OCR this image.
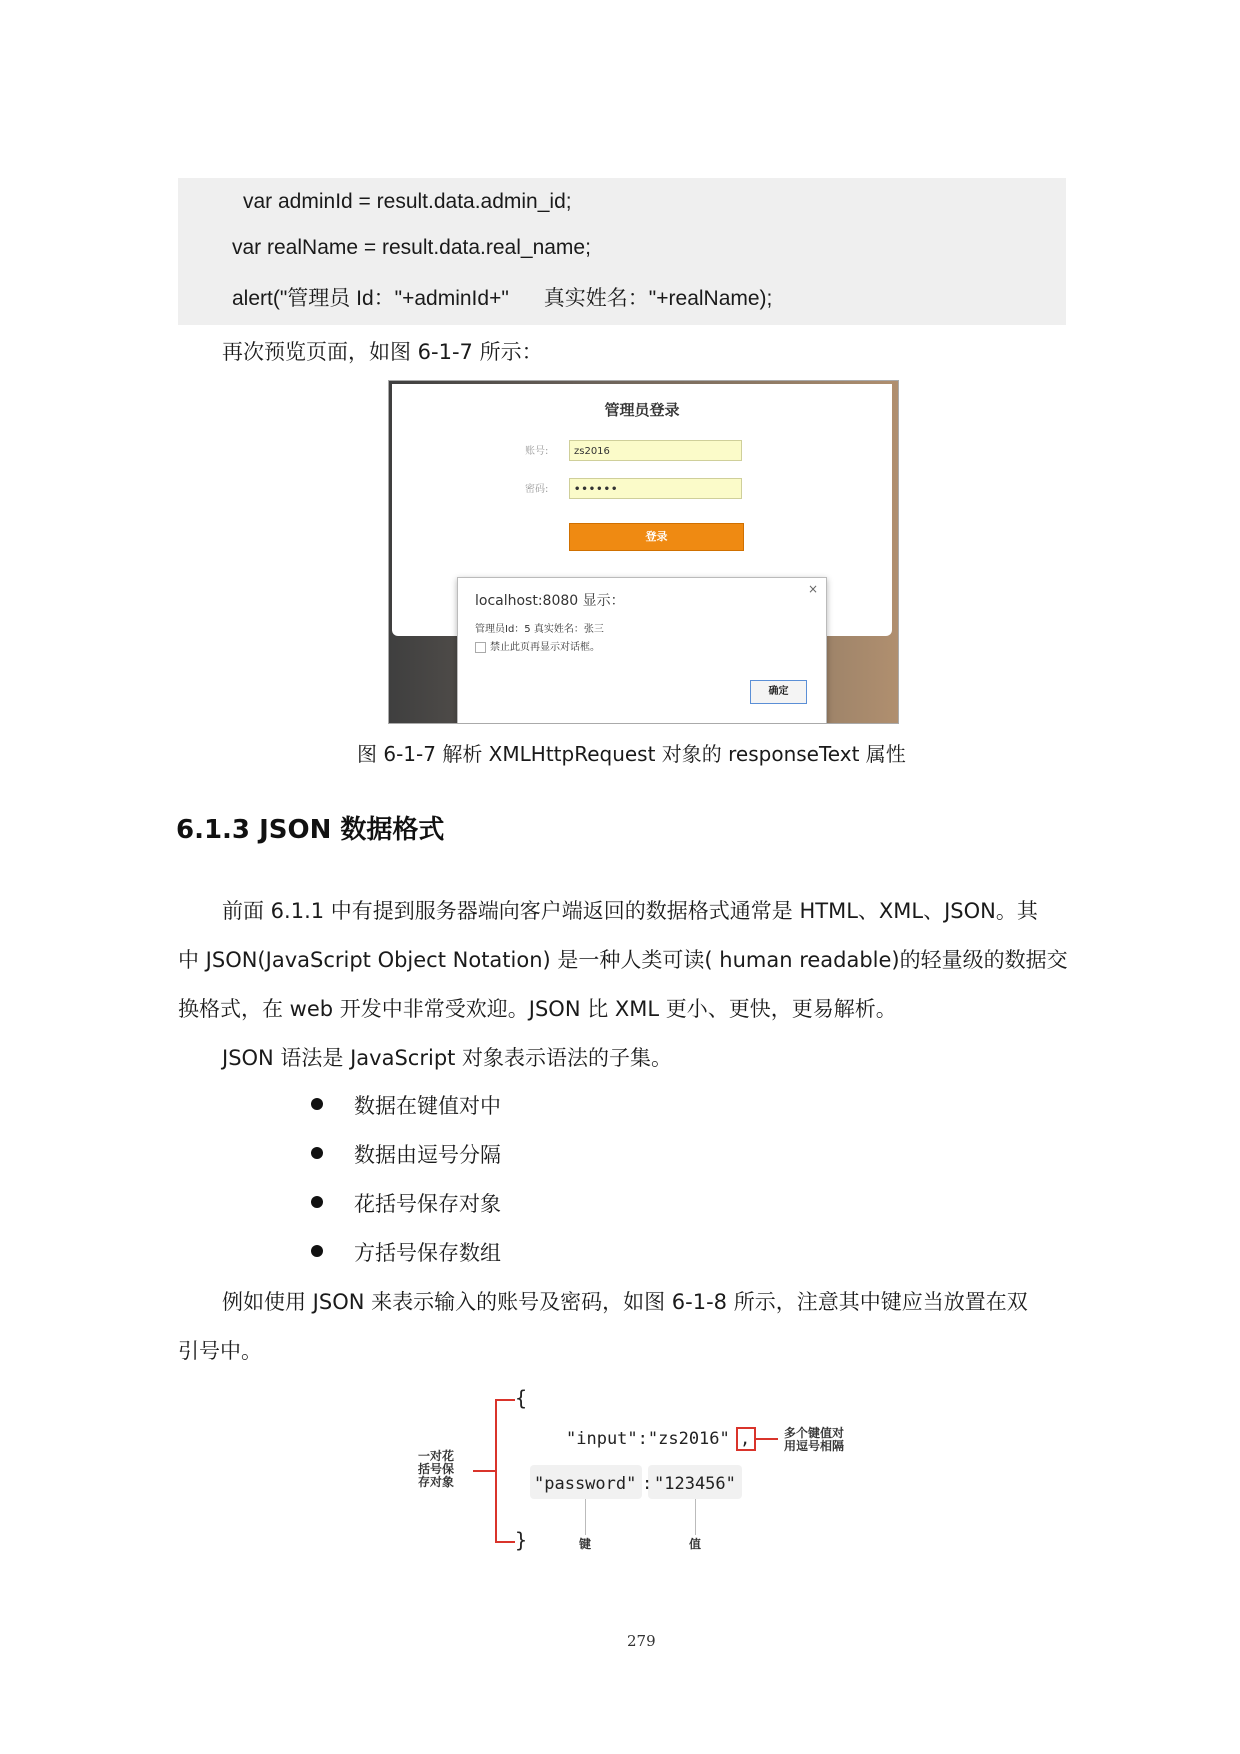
var adminId = result.data.admin_id;
var realName = result.data.real_name;
alert("管理员 Id："+adminId+"      真实姓名："+realName);
再次预览页面，如图 6-1-7 所示：
管理员登录
账号:	zs2016
密码:	••••••
登录
localhost:8080 显示：
×
管理员Id：5 真实姓名：张三
禁止此页再显示对话框。
确定
图 6-1-7 解析 XMLHttpRequest 对象的 responseText 属性
6.1.3 JSON 数据格式
前面 6.1.1 中有提到服务器端向客户端返回的数据格式通常是 HTML、XML、JSON。其
中 JSON(JavaScript Object Notation) 是一种人类可读( human readable)的轻量级的数据交
换格式，在 web 开发中非常受欢迎。JSON 比 XML 更小、更快，更易解析。
JSON 语法是 JavaScript 对象表示语法的子集。
数据在键值对中
数据由逗号分隔
花括号保存对象
方括号保存数组
例如使用 JSON 来表示输入的账号及密码，如图 6-1-8 所示，注意其中键应当放置在双
引号中。
一对花
括号保
存对象
{
}
"input":"zs2016" ,	多个键值对
用逗号相隔
"password" : "123456"
键	值
279
